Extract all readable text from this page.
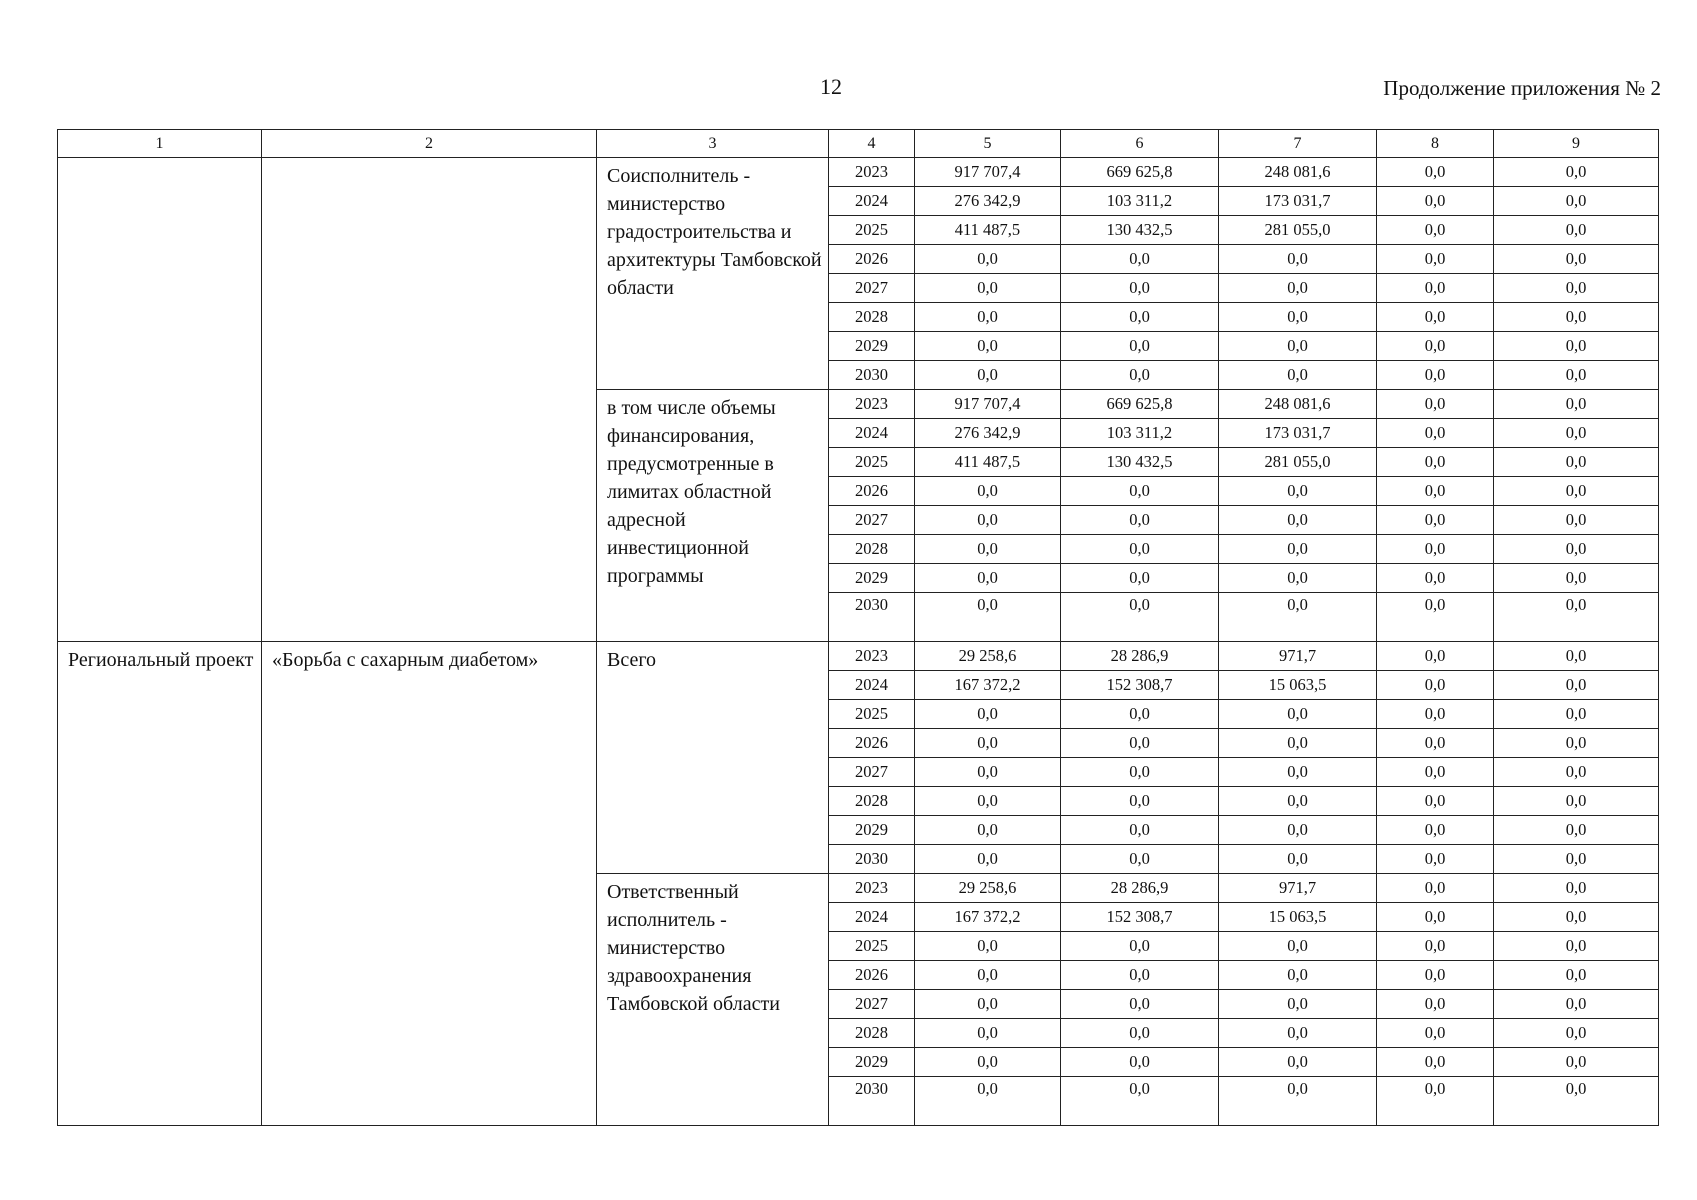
12	Продолжение приложения № 2
1	2	3	4	5	6	7	8	9
		Соисполнитель - министерство градостроительства и архитектуры Тамбовской области	2023	917 707,4	669 625,8	248 081,6	0,0	0,0
			2024	276 342,9	103 311,2	173 031,7	0,0	0,0
			2025	411 487,5	130 432,5	281 055,0	0,0	0,0
			2026	0,0	0,0	0,0	0,0	0,0
			2027	0,0	0,0	0,0	0,0	0,0
			2028	0,0	0,0	0,0	0,0	0,0
			2029	0,0	0,0	0,0	0,0	0,0
			2030	0,0	0,0	0,0	0,0	0,0
		в том числе объемы финансирования, предусмотренные в лимитах областной адресной инвестиционной программы	2023	917 707,4	669 625,8	248 081,6	0,0	0,0
			2024	276 342,9	103 311,2	173 031,7	0,0	0,0
			2025	411 487,5	130 432,5	281 055,0	0,0	0,0
			2026	0,0	0,0	0,0	0,0	0,0
			2027	0,0	0,0	0,0	0,0	0,0
			2028	0,0	0,0	0,0	0,0	0,0
			2029	0,0	0,0	0,0	0,0	0,0
			2030	0,0	0,0	0,0	0,0	0,0
Региональный проект	«Борьба с сахарным диабетом»	Всего	2023	29 258,6	28 286,9	971,7	0,0	0,0
			2024	167 372,2	152 308,7	15 063,5	0,0	0,0
			2025	0,0	0,0	0,0	0,0	0,0
			2026	0,0	0,0	0,0	0,0	0,0
			2027	0,0	0,0	0,0	0,0	0,0
			2028	0,0	0,0	0,0	0,0	0,0
			2029	0,0	0,0	0,0	0,0	0,0
			2030	0,0	0,0	0,0	0,0	0,0
		Ответственный исполнитель - министерство здравоохранения Тамбовской области	2023	29 258,6	28 286,9	971,7	0,0	0,0
			2024	167 372,2	152 308,7	15 063,5	0,0	0,0
			2025	0,0	0,0	0,0	0,0	0,0
			2026	0,0	0,0	0,0	0,0	0,0
			2027	0,0	0,0	0,0	0,0	0,0
			2028	0,0	0,0	0,0	0,0	0,0
			2029	0,0	0,0	0,0	0,0	0,0
			2030	0,0	0,0	0,0	0,0	0,0
